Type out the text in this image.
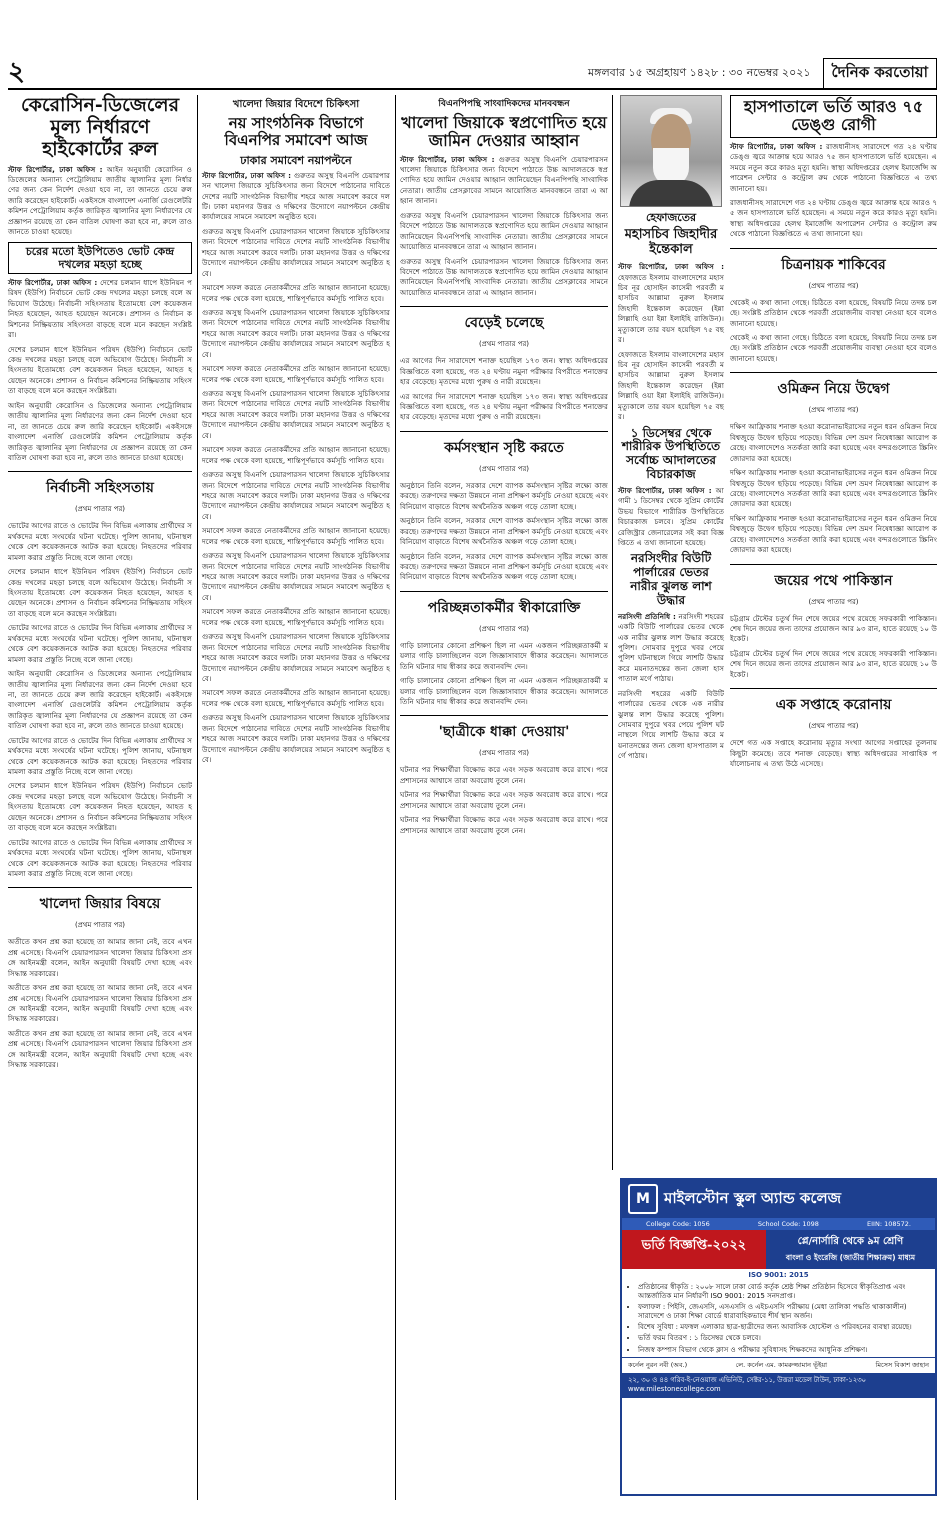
২	মঙ্গলবার ১৫ অগ্রহায়ণ ১৪২৮ : ৩০ নভেম্বর ২০২১	দৈনিক করতোয়া
কেরোসিন-ডিজেলের মূল্য নির্ধারণে হাইকোর্টের রুল

স্টাফ রিপোর্টার, ঢাকা অফিস : আইন অনুযায়ী কেরোসিন ও ডিজেলের অন্যান্য পেট্রোলিয়াম জাতীয় জ্বালানির মূল্য নির্ধারণের জন্য কেন নির্দেশ দেওয়া হবে না, তা জানতে চেয়ে রুল জারি করেছেন হাইকোর্ট। একইসঙ্গে বাংলাদেশ এনার্জি রেগুলেটরি কমিশন পেট্রোলিয়াম কর্তৃক জারিকৃত জ্বালানির মূল্য নির্ধারণের যে প্রজ্ঞাপন রয়েছে তা কেন বাতিল ঘোষণা করা হবে না, রুলে তাও জানতে চাওয়া হয়েছে।

চরের মতো ইউপিতেও ভোট কেন্দ্র দখলের মহড়া হচ্ছে

স্টাফ রিপোর্টার, ঢাকা অফিস : দেশের চলমান ধাপে ইউনিয়ন পরিষদ (ইউপি) নির্বাচনে ভোট কেন্দ্র দখলের মহড়া চলছে বলে অভিযোগ উঠেছে। নির্বাচনী সহিংসতায় ইতোমধ্যে বেশ কয়েকজন নিহত হয়েছেন, আহত হয়েছেন অনেকে। প্রশাসন ও নির্বাচন কমিশনের নিষ্ক্রিয়তায় সহিংসতা বাড়ছে বলে মনে করছেন সংশ্লিষ্টরা।

দেশের চলমান ধাপে ইউনিয়ন পরিষদ (ইউপি) নির্বাচনে ভোট কেন্দ্র দখলের মহড়া চলছে বলে অভিযোগ উঠেছে। নির্বাচনী সহিংসতায় ইতোমধ্যে বেশ কয়েকজন নিহত হয়েছেন, আহত হয়েছেন অনেকে। প্রশাসন ও নির্বাচন কমিশনের নিষ্ক্রিয়তায় সহিংসতা বাড়ছে বলে মনে করছেন সংশ্লিষ্টরা।

আইন অনুযায়ী কেরোসিন ও ডিজেলের অন্যান্য পেট্রোলিয়াম জাতীয় জ্বালানির মূল্য নির্ধারণের জন্য কেন নির্দেশ দেওয়া হবে না, তা জানতে চেয়ে রুল জারি করেছেন হাইকোর্ট। একইসঙ্গে বাংলাদেশ এনার্জি রেগুলেটরি কমিশন পেট্রোলিয়াম কর্তৃক জারিকৃত জ্বালানির মূল্য নির্ধারণের যে প্রজ্ঞাপন রয়েছে তা কেন বাতিল ঘোষণা করা হবে না, রুলে তাও জানতে চাওয়া হয়েছে।

নির্বাচনী সহিংসতায়
(প্রথম পাতার পর)

ভোটের আগের রাতে ও ভোটের দিন বিভিন্ন এলাকায় প্রার্থীদের সমর্থকদের মধ্যে সংঘর্ষের ঘটনা ঘটেছে। পুলিশ জানায়, ঘটনাস্থল থেকে বেশ কয়েকজনকে আটক করা হয়েছে। নিহতদের পরিবার মামলা করার প্রস্তুতি নিচ্ছে বলে জানা গেছে।

দেশের চলমান ধাপে ইউনিয়ন পরিষদ (ইউপি) নির্বাচনে ভোট কেন্দ্র দখলের মহড়া চলছে বলে অভিযোগ উঠেছে। নির্বাচনী সহিংসতায় ইতোমধ্যে বেশ কয়েকজন নিহত হয়েছেন, আহত হয়েছেন অনেকে। প্রশাসন ও নির্বাচন কমিশনের নিষ্ক্রিয়তায় সহিংসতা বাড়ছে বলে মনে করছেন সংশ্লিষ্টরা।

ভোটের আগের রাতে ও ভোটের দিন বিভিন্ন এলাকায় প্রার্থীদের সমর্থকদের মধ্যে সংঘর্ষের ঘটনা ঘটেছে। পুলিশ জানায়, ঘটনাস্থল থেকে বেশ কয়েকজনকে আটক করা হয়েছে। নিহতদের পরিবার মামলা করার প্রস্তুতি নিচ্ছে বলে জানা গেছে।

আইন অনুযায়ী কেরোসিন ও ডিজেলের অন্যান্য পেট্রোলিয়াম জাতীয় জ্বালানির মূল্য নির্ধারণের জন্য কেন নির্দেশ দেওয়া হবে না, তা জানতে চেয়ে রুল জারি করেছেন হাইকোর্ট। একইসঙ্গে বাংলাদেশ এনার্জি রেগুলেটরি কমিশন পেট্রোলিয়াম কর্তৃক জারিকৃত জ্বালানির মূল্য নির্ধারণের যে প্রজ্ঞাপন রয়েছে তা কেন বাতিল ঘোষণা করা হবে না, রুলে তাও জানতে চাওয়া হয়েছে।

ভোটের আগের রাতে ও ভোটের দিন বিভিন্ন এলাকায় প্রার্থীদের সমর্থকদের মধ্যে সংঘর্ষের ঘটনা ঘটেছে। পুলিশ জানায়, ঘটনাস্থল থেকে বেশ কয়েকজনকে আটক করা হয়েছে। নিহতদের পরিবার মামলা করার প্রস্তুতি নিচ্ছে বলে জানা গেছে।

দেশের চলমান ধাপে ইউনিয়ন পরিষদ (ইউপি) নির্বাচনে ভোট কেন্দ্র দখলের মহড়া চলছে বলে অভিযোগ উঠেছে। নির্বাচনী সহিংসতায় ইতোমধ্যে বেশ কয়েকজন নিহত হয়েছেন, আহত হয়েছেন অনেকে। প্রশাসন ও নির্বাচন কমিশনের নিষ্ক্রিয়তায় সহিংসতা বাড়ছে বলে মনে করছেন সংশ্লিষ্টরা।

ভোটের আগের রাতে ও ভোটের দিন বিভিন্ন এলাকায় প্রার্থীদের সমর্থকদের মধ্যে সংঘর্ষের ঘটনা ঘটেছে। পুলিশ জানায়, ঘটনাস্থল থেকে বেশ কয়েকজনকে আটক করা হয়েছে। নিহতদের পরিবার মামলা করার প্রস্তুতি নিচ্ছে বলে জানা গেছে।

খালেদা জিয়ার বিষয়ে
(প্রথম পাতার পর)

অতীতে কখন প্রশ্ন করা হয়েছে তা আমার জানা নেই, তবে এখন প্রশ্ন এসেছে। বিএনপি চেয়ারপারসন খালেদা জিয়ার চিকিৎসা প্রসঙ্গে আইনমন্ত্রী বলেন, আইন অনুযায়ী বিষয়টি দেখা হচ্ছে এবং সিদ্ধান্ত সরকারের।

অতীতে কখন প্রশ্ন করা হয়েছে তা আমার জানা নেই, তবে এখন প্রশ্ন এসেছে। বিএনপি চেয়ারপারসন খালেদা জিয়ার চিকিৎসা প্রসঙ্গে আইনমন্ত্রী বলেন, আইন অনুযায়ী বিষয়টি দেখা হচ্ছে এবং সিদ্ধান্ত সরকারের।

অতীতে কখন প্রশ্ন করা হয়েছে তা আমার জানা নেই, তবে এখন প্রশ্ন এসেছে। বিএনপি চেয়ারপারসন খালেদা জিয়ার চিকিৎসা প্রসঙ্গে আইনমন্ত্রী বলেন, আইন অনুযায়ী বিষয়টি দেখা হচ্ছে এবং সিদ্ধান্ত সরকারের।

খালেদা জিয়ার বিদেশে চিকিৎসা
নয় সাংগঠনিক বিভাগে বিএনপির সমাবেশ আজ
ঢাকার সমাবেশ নয়াপল্টনে

স্টাফ রিপোর্টার, ঢাকা অফিস : গুরুতর অসুস্থ বিএনপি চেয়ারপারসন খালেদা জিয়াকে সুচিকিৎসার জন্য বিদেশে পাঠানোর দাবিতে দেশের নয়টি সাংগঠনিক বিভাগীয় শহরে আজ সমাবেশ করবে দলটি। ঢাকা মহানগর উত্তর ও দক্ষিণের উদ্যোগে নয়াপল্টনে কেন্দ্রীয় কার্যালয়ের সামনে সমাবেশ অনুষ্ঠিত হবে।

গুরুতর অসুস্থ বিএনপি চেয়ারপারসন খালেদা জিয়াকে সুচিকিৎসার জন্য বিদেশে পাঠানোর দাবিতে দেশের নয়টি সাংগঠনিক বিভাগীয় শহরে আজ সমাবেশ করবে দলটি। ঢাকা মহানগর উত্তর ও দক্ষিণের উদ্যোগে নয়াপল্টনে কেন্দ্রীয় কার্যালয়ের সামনে সমাবেশ অনুষ্ঠিত হবে।

সমাবেশ সফল করতে নেতাকর্মীদের প্রতি আহ্বান জানানো হয়েছে। দলের পক্ষ থেকে বলা হয়েছে, শান্তিপূর্ণভাবে কর্মসূচি পালিত হবে।

গুরুতর অসুস্থ বিএনপি চেয়ারপারসন খালেদা জিয়াকে সুচিকিৎসার জন্য বিদেশে পাঠানোর দাবিতে দেশের নয়টি সাংগঠনিক বিভাগীয় শহরে আজ সমাবেশ করবে দলটি। ঢাকা মহানগর উত্তর ও দক্ষিণের উদ্যোগে নয়াপল্টনে কেন্দ্রীয় কার্যালয়ের সামনে সমাবেশ অনুষ্ঠিত হবে।

সমাবেশ সফল করতে নেতাকর্মীদের প্রতি আহ্বান জানানো হয়েছে। দলের পক্ষ থেকে বলা হয়েছে, শান্তিপূর্ণভাবে কর্মসূচি পালিত হবে।

গুরুতর অসুস্থ বিএনপি চেয়ারপারসন খালেদা জিয়াকে সুচিকিৎসার জন্য বিদেশে পাঠানোর দাবিতে দেশের নয়টি সাংগঠনিক বিভাগীয় শহরে আজ সমাবেশ করবে দলটি। ঢাকা মহানগর উত্তর ও দক্ষিণের উদ্যোগে নয়াপল্টনে কেন্দ্রীয় কার্যালয়ের সামনে সমাবেশ অনুষ্ঠিত হবে।

সমাবেশ সফল করতে নেতাকর্মীদের প্রতি আহ্বান জানানো হয়েছে। দলের পক্ষ থেকে বলা হয়েছে, শান্তিপূর্ণভাবে কর্মসূচি পালিত হবে।

গুরুতর অসুস্থ বিএনপি চেয়ারপারসন খালেদা জিয়াকে সুচিকিৎসার জন্য বিদেশে পাঠানোর দাবিতে দেশের নয়টি সাংগঠনিক বিভাগীয় শহরে আজ সমাবেশ করবে দলটি। ঢাকা মহানগর উত্তর ও দক্ষিণের উদ্যোগে নয়াপল্টনে কেন্দ্রীয় কার্যালয়ের সামনে সমাবেশ অনুষ্ঠিত হবে।

সমাবেশ সফল করতে নেতাকর্মীদের প্রতি আহ্বান জানানো হয়েছে। দলের পক্ষ থেকে বলা হয়েছে, শান্তিপূর্ণভাবে কর্মসূচি পালিত হবে।

গুরুতর অসুস্থ বিএনপি চেয়ারপারসন খালেদা জিয়াকে সুচিকিৎসার জন্য বিদেশে পাঠানোর দাবিতে দেশের নয়টি সাংগঠনিক বিভাগীয় শহরে আজ সমাবেশ করবে দলটি। ঢাকা মহানগর উত্তর ও দক্ষিণের উদ্যোগে নয়াপল্টনে কেন্দ্রীয় কার্যালয়ের সামনে সমাবেশ অনুষ্ঠিত হবে।

সমাবেশ সফল করতে নেতাকর্মীদের প্রতি আহ্বান জানানো হয়েছে। দলের পক্ষ থেকে বলা হয়েছে, শান্তিপূর্ণভাবে কর্মসূচি পালিত হবে।

গুরুতর অসুস্থ বিএনপি চেয়ারপারসন খালেদা জিয়াকে সুচিকিৎসার জন্য বিদেশে পাঠানোর দাবিতে দেশের নয়টি সাংগঠনিক বিভাগীয় শহরে আজ সমাবেশ করবে দলটি। ঢাকা মহানগর উত্তর ও দক্ষিণের উদ্যোগে নয়াপল্টনে কেন্দ্রীয় কার্যালয়ের সামনে সমাবেশ অনুষ্ঠিত হবে।

সমাবেশ সফল করতে নেতাকর্মীদের প্রতি আহ্বান জানানো হয়েছে। দলের পক্ষ থেকে বলা হয়েছে, শান্তিপূর্ণভাবে কর্মসূচি পালিত হবে।

গুরুতর অসুস্থ বিএনপি চেয়ারপারসন খালেদা জিয়াকে সুচিকিৎসার জন্য বিদেশে পাঠানোর দাবিতে দেশের নয়টি সাংগঠনিক বিভাগীয় শহরে আজ সমাবেশ করবে দলটি। ঢাকা মহানগর উত্তর ও দক্ষিণের উদ্যোগে নয়াপল্টনে কেন্দ্রীয় কার্যালয়ের সামনে সমাবেশ অনুষ্ঠিত হবে।

বিএনপিপন্থি সাংবাদিকদের মানববন্ধন
খালেদা জিয়াকে স্বপ্রণোদিত হয়ে জামিন দেওয়ার আহ্বান

স্টাফ রিপোর্টার, ঢাকা অফিস : গুরুতর অসুস্থ বিএনপি চেয়ারপারসন খালেদা জিয়াকে চিকিৎসার জন্য বিদেশে পাঠাতে উচ্চ আদালতকে স্বপ্রণোদিত হয়ে জামিন দেওয়ার আহ্বান জানিয়েছেন বিএনপিপন্থি সাংবাদিক নেতারা। জাতীয় প্রেসক্লাবের সামনে আয়োজিত মানববন্ধনে তারা এ আহ্বান জানান।

গুরুতর অসুস্থ বিএনপি চেয়ারপারসন খালেদা জিয়াকে চিকিৎসার জন্য বিদেশে পাঠাতে উচ্চ আদালতকে স্বপ্রণোদিত হয়ে জামিন দেওয়ার আহ্বান জানিয়েছেন বিএনপিপন্থি সাংবাদিক নেতারা। জাতীয় প্রেসক্লাবের সামনে আয়োজিত মানববন্ধনে তারা এ আহ্বান জানান।

গুরুতর অসুস্থ বিএনপি চেয়ারপারসন খালেদা জিয়াকে চিকিৎসার জন্য বিদেশে পাঠাতে উচ্চ আদালতকে স্বপ্রণোদিত হয়ে জামিন দেওয়ার আহ্বান জানিয়েছেন বিএনপিপন্থি সাংবাদিক নেতারা। জাতীয় প্রেসক্লাবের সামনে আয়োজিত মানববন্ধনে তারা এ আহ্বান জানান।

বেড়েই চলেছে
(প্রথম পাতার পর)

এর আগের দিন সারাদেশে শনাক্ত হয়েছিল ১৭৩ জন। স্বাস্থ্য অধিদপ্তরের বিজ্ঞপ্তিতে বলা হয়েছে, গত ২৪ ঘণ্টায় নমুনা পরীক্ষার বিপরীতে শনাক্তের হার বেড়েছে। মৃতদের মধ্যে পুরুষ ও নারী রয়েছেন।

এর আগের দিন সারাদেশে শনাক্ত হয়েছিল ১৭৩ জন। স্বাস্থ্য অধিদপ্তরের বিজ্ঞপ্তিতে বলা হয়েছে, গত ২৪ ঘণ্টায় নমুনা পরীক্ষার বিপরীতে শনাক্তের হার বেড়েছে। মৃতদের মধ্যে পুরুষ ও নারী রয়েছেন।

কর্মসংস্থান সৃষ্টি করতে
(প্রথম পাতার পর)

অনুষ্ঠানে তিনি বলেন, সরকার দেশে ব্যাপক কর্মসংস্থান সৃষ্টির লক্ষ্যে কাজ করছে। তরুণদের দক্ষতা উন্নয়নে নানা প্রশিক্ষণ কর্মসূচি নেওয়া হয়েছে এবং বিনিয়োগ বাড়াতে বিশেষ অর্থনৈতিক অঞ্চল গড়ে তোলা হচ্ছে।

অনুষ্ঠানে তিনি বলেন, সরকার দেশে ব্যাপক কর্মসংস্থান সৃষ্টির লক্ষ্যে কাজ করছে। তরুণদের দক্ষতা উন্নয়নে নানা প্রশিক্ষণ কর্মসূচি নেওয়া হয়েছে এবং বিনিয়োগ বাড়াতে বিশেষ অর্থনৈতিক অঞ্চল গড়ে তোলা হচ্ছে।

অনুষ্ঠানে তিনি বলেন, সরকার দেশে ব্যাপক কর্মসংস্থান সৃষ্টির লক্ষ্যে কাজ করছে। তরুণদের দক্ষতা উন্নয়নে নানা প্রশিক্ষণ কর্মসূচি নেওয়া হয়েছে এবং বিনিয়োগ বাড়াতে বিশেষ অর্থনৈতিক অঞ্চল গড়ে তোলা হচ্ছে।

পরিচ্ছন্নতাকর্মীর স্বীকারোক্তি
(প্রথম পাতার পর)

গাড়ি চালানোর কোনো প্রশিক্ষণ ছিল না এমন একজন পরিচ্ছন্নতাকর্মী ময়লার গাড়ি চালাচ্ছিলেন বলে জিজ্ঞাসাবাদে স্বীকার করেছেন। আদালতে তিনি ঘটনার দায় স্বীকার করে জবানবন্দি দেন।

গাড়ি চালানোর কোনো প্রশিক্ষণ ছিল না এমন একজন পরিচ্ছন্নতাকর্মী ময়লার গাড়ি চালাচ্ছিলেন বলে জিজ্ঞাসাবাদে স্বীকার করেছেন। আদালতে তিনি ঘটনার দায় স্বীকার করে জবানবন্দি দেন।

'ছাত্রীকে ধাক্কা দেওয়ায়'
(প্রথম পাতার পর)

ঘটনার পর শিক্ষার্থীরা বিক্ষোভ করে এবং সড়ক অবরোধ করে রাখে। পরে প্রশাসনের আশ্বাসে তারা অবরোধ তুলে নেন।

ঘটনার পর শিক্ষার্থীরা বিক্ষোভ করে এবং সড়ক অবরোধ করে রাখে। পরে প্রশাসনের আশ্বাসে তারা অবরোধ তুলে নেন।

ঘটনার পর শিক্ষার্থীরা বিক্ষোভ করে এবং সড়ক অবরোধ করে রাখে। পরে প্রশাসনের আশ্বাসে তারা অবরোধ তুলে নেন।

হেফাজতের
মহাসচিব জিহাদীর ইন্তেকাল

স্টাফ রিপোর্টার, ঢাকা অফিস : হেফাজতে ইসলাম বাংলাদেশের মহাসচিব নূর হোসাইন কাসেমী পরবর্তী মহাসচিব আল্লামা নুরুল ইসলাম জিহাদী ইন্তেকাল করেছেন (ইন্না লিল্লাহি ওয়া ইন্না ইলাইহি রাজিউন)। মৃত্যুকালে তার বয়স হয়েছিল ৭৫ বছর।

হেফাজতে ইসলাম বাংলাদেশের মহাসচিব নূর হোসাইন কাসেমী পরবর্তী মহাসচিব আল্লামা নুরুল ইসলাম জিহাদী ইন্তেকাল করেছেন (ইন্না লিল্লাহি ওয়া ইন্না ইলাইহি রাজিউন)। মৃত্যুকালে তার বয়স হয়েছিল ৭৫ বছর।

১ ডিসেম্বর থেকে শারীরিক উপস্থিতিতে সর্বোচ্চ আদালতের বিচারকাজ

স্টাফ রিপোর্টার, ঢাকা অফিস : আগামী ১ ডিসেম্বর থেকে সুপ্রিম কোর্টের উভয় বিভাগে শারীরিক উপস্থিতিতে বিচারকাজ চলবে। সুপ্রিম কোর্টের রেজিস্ট্রার জেনারেলের সই করা বিজ্ঞপ্তিতে এ তথ্য জানানো হয়েছে।

নরসিংদীর বিউটি পার্লারের ভেতর নারীর ঝুলন্ত লাশ উদ্ধার

নরসিংদী প্রতিনিধি : নরসিংদী শহরের একটি বিউটি পার্লারের ভেতর থেকে এক নারীর ঝুলন্ত লাশ উদ্ধার করেছে পুলিশ। সোমবার দুপুরে খবর পেয়ে পুলিশ ঘটনাস্থলে গিয়ে লাশটি উদ্ধার করে ময়নাতদন্তের জন্য জেলা হাসপাতাল মর্গে পাঠায়।

নরসিংদী শহরের একটি বিউটি পার্লারের ভেতর থেকে এক নারীর ঝুলন্ত লাশ উদ্ধার করেছে পুলিশ। সোমবার দুপুরে খবর পেয়ে পুলিশ ঘটনাস্থলে গিয়ে লাশটি উদ্ধার করে ময়নাতদন্তের জন্য জেলা হাসপাতাল মর্গে পাঠায়।

হাসপাতালে ভর্তি আরও ৭৫ ডেঙ্গু রোগী

স্টাফ রিপোর্টার, ঢাকা অফিস : রাজধানীসহ সারাদেশে গত ২৪ ঘণ্টায় ডেঙ্গু জ্বরে আক্রান্ত হয়ে আরও ৭৫ জন হাসপাতালে ভর্তি হয়েছেন। এ সময়ে নতুন করে কারও মৃত্যু হয়নি। স্বাস্থ্য অধিদপ্তরের হেলথ ইমার্জেন্সি অপারেশন সেন্টার ও কন্ট্রোল রুম থেকে পাঠানো বিজ্ঞপ্তিতে এ তথ্য জানানো হয়।

রাজধানীসহ সারাদেশে গত ২৪ ঘণ্টায় ডেঙ্গু জ্বরে আক্রান্ত হয়ে আরও ৭৫ জন হাসপাতালে ভর্তি হয়েছেন। এ সময়ে নতুন করে কারও মৃত্যু হয়নি। স্বাস্থ্য অধিদপ্তরের হেলথ ইমার্জেন্সি অপারেশন সেন্টার ও কন্ট্রোল রুম থেকে পাঠানো বিজ্ঞপ্তিতে এ তথ্য জানানো হয়।

চিত্রনায়ক শাকিবের
(প্রথম পাতার পর)

থেকেই এ কথা জানা গেছে। চিঠিতে বলা হয়েছে, বিষয়টি নিয়ে তদন্ত চলছে। সংশ্লিষ্ট প্রতিষ্ঠান থেকে পরবর্তী প্রয়োজনীয় ব্যবস্থা নেওয়া হবে বলেও জানানো হয়েছে।

থেকেই এ কথা জানা গেছে। চিঠিতে বলা হয়েছে, বিষয়টি নিয়ে তদন্ত চলছে। সংশ্লিষ্ট প্রতিষ্ঠান থেকে পরবর্তী প্রয়োজনীয় ব্যবস্থা নেওয়া হবে বলেও জানানো হয়েছে।

ওমিক্রন নিয়ে উদ্বেগ
(প্রথম পাতার পর)

দক্ষিণ আফ্রিকায় শনাক্ত হওয়া করোনাভাইরাসের নতুন ধরন ওমিক্রন নিয়ে বিশ্বজুড়ে উদ্বেগ ছড়িয়ে পড়েছে। বিভিন্ন দেশ ভ্রমণ নিষেধাজ্ঞা আরোপ করেছে। বাংলাদেশেও সতর্কতা জারি করা হয়েছে এবং বন্দরগুলোতে স্ক্রিনিং জোরদার করা হয়েছে।

দক্ষিণ আফ্রিকায় শনাক্ত হওয়া করোনাভাইরাসের নতুন ধরন ওমিক্রন নিয়ে বিশ্বজুড়ে উদ্বেগ ছড়িয়ে পড়েছে। বিভিন্ন দেশ ভ্রমণ নিষেধাজ্ঞা আরোপ করেছে। বাংলাদেশেও সতর্কতা জারি করা হয়েছে এবং বন্দরগুলোতে স্ক্রিনিং জোরদার করা হয়েছে।

দক্ষিণ আফ্রিকায় শনাক্ত হওয়া করোনাভাইরাসের নতুন ধরন ওমিক্রন নিয়ে বিশ্বজুড়ে উদ্বেগ ছড়িয়ে পড়েছে। বিভিন্ন দেশ ভ্রমণ নিষেধাজ্ঞা আরোপ করেছে। বাংলাদেশেও সতর্কতা জারি করা হয়েছে এবং বন্দরগুলোতে স্ক্রিনিং জোরদার করা হয়েছে।

জয়ের পথে পাকিস্তান
(প্রথম পাতার পর)

চট্টগ্রাম টেস্টের চতুর্থ দিন শেষে জয়ের পথে রয়েছে সফরকারী পাকিস্তান। শেষ দিনে জয়ের জন্য তাদের প্রয়োজন আর ৯৩ রান, হাতে রয়েছে ১০ উইকেট।

চট্টগ্রাম টেস্টের চতুর্থ দিন শেষে জয়ের পথে রয়েছে সফরকারী পাকিস্তান। শেষ দিনে জয়ের জন্য তাদের প্রয়োজন আর ৯৩ রান, হাতে রয়েছে ১০ উইকেট।

এক সপ্তাহে করোনায়
(প্রথম পাতার পর)

দেশে গত এক সপ্তাহে করোনায় মৃত্যুর সংখ্যা আগের সপ্তাহের তুলনায় কিছুটা কমেছে। তবে শনাক্ত বেড়েছে। স্বাস্থ্য অধিদপ্তরের সাপ্তাহিক পর্যালোচনায় এ তথ্য উঠে এসেছে।

M মাইলস্টোন স্কুল অ্যান্ড কলেজ
College Code: 1056	School Code: 1098	EIIN: 108572.
ভর্তি বিজ্ঞপ্তি-২০২২	প্লে/নার্সারি থেকে ৯ম শ্রেণি
বাংলা ও ইংরেজি (জাতীয় শিক্ষাক্রম) মাধ্যম
ISO 9001: 2015
• প্রতিষ্ঠানের স্বীকৃতি : ২০০৮ সালে ঢাকা বোর্ড কর্তৃক শ্রেষ্ঠ শিক্ষা প্রতিষ্ঠান হিসেবে স্বীকৃতিপ্রাপ্ত এবং আন্তর্জাতিক মান নির্ধারণী ISO 9001: 2015 সনদপ্রাপ্ত।
• ফলাফল : পিইসি, জেএসসি, এসএসসি ও এইচএসসি পরীক্ষায় (মেধা তালিকা পদ্ধতি থাকাকালীন) সারাদেশে ও ঢাকা শিক্ষা বোর্ডে ধারাবাহিকভাবে শীর্ষ স্থান অর্জন।
• বিশেষ সুবিধা : মফস্বল এলাকার ছাত্র-ছাত্রীদের জন্য আবাসিক হোস্টেল ও পরিবহনের ব্যবস্থা রয়েছে।
• ভর্তি ফরম বিতরণ : ১ ডিসেম্বর থেকে চলবে।
• নিজস্ব কম্পাস বিভাগ থেকে ক্লাস ও পরীক্ষার সুবিধাসহ শিক্ষকদের আধুনিক প্রশিক্ষণ।
কর্নেল নুরন নবী (অব.)	লে. কর্নেল এম. কামরুজ্জামান ভূঁইয়া	মিসেস বিকাশ জাহান
২২, ৩০ ও ৪৪ গরিব-ই-নেওয়াজ এভিনিউ, সেক্টর-১১, উত্তরা মডেল টাউন, ঢাকা-১২৩০
www.milestonecollege.com
